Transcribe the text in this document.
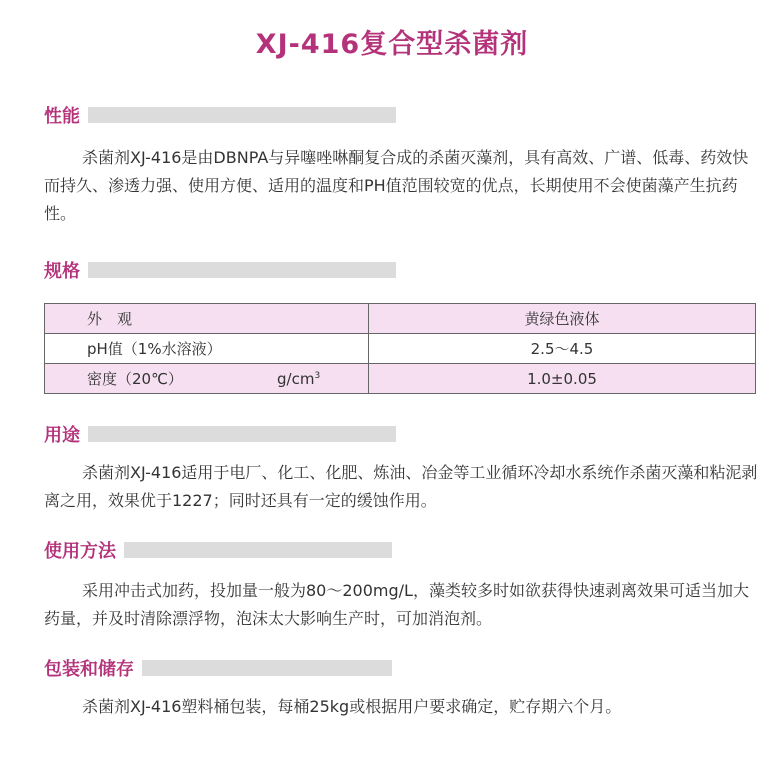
XJ-416复合型杀菌剂
性能
杀菌剂XJ-416是由DBNPA与异噻唑啉酮复合成的杀菌灭藻剂，具有高效、广谱、低毒、药效快而持久、渗透力强、使用方便、适用的温度和PH值范围较宽的优点，长期使用不会使菌藻产生抗药性。
规格
外　观	黄绿色液体
pH值（1%水溶液）	2.5～4.5
密度（20℃） $g/cm^3$	1.0±0.05
用途
杀菌剂XJ-416适用于电厂、化工、化肥、炼油、冶金等工业循环冷却水系统作杀菌灭藻和粘泥剥离之用，效果优于1227；同时还具有一定的缓蚀作用。
使用方法
采用冲击式加药，投加量一般为80～200mg/L，藻类较多时如欲获得快速剥离效果可适当加大药量，并及时清除漂浮物，泡沫太大影响生产时，可加消泡剂。
包装和储存
杀菌剂XJ-416塑料桶包装，每桶25kg或根据用户要求确定，贮存期六个月。
